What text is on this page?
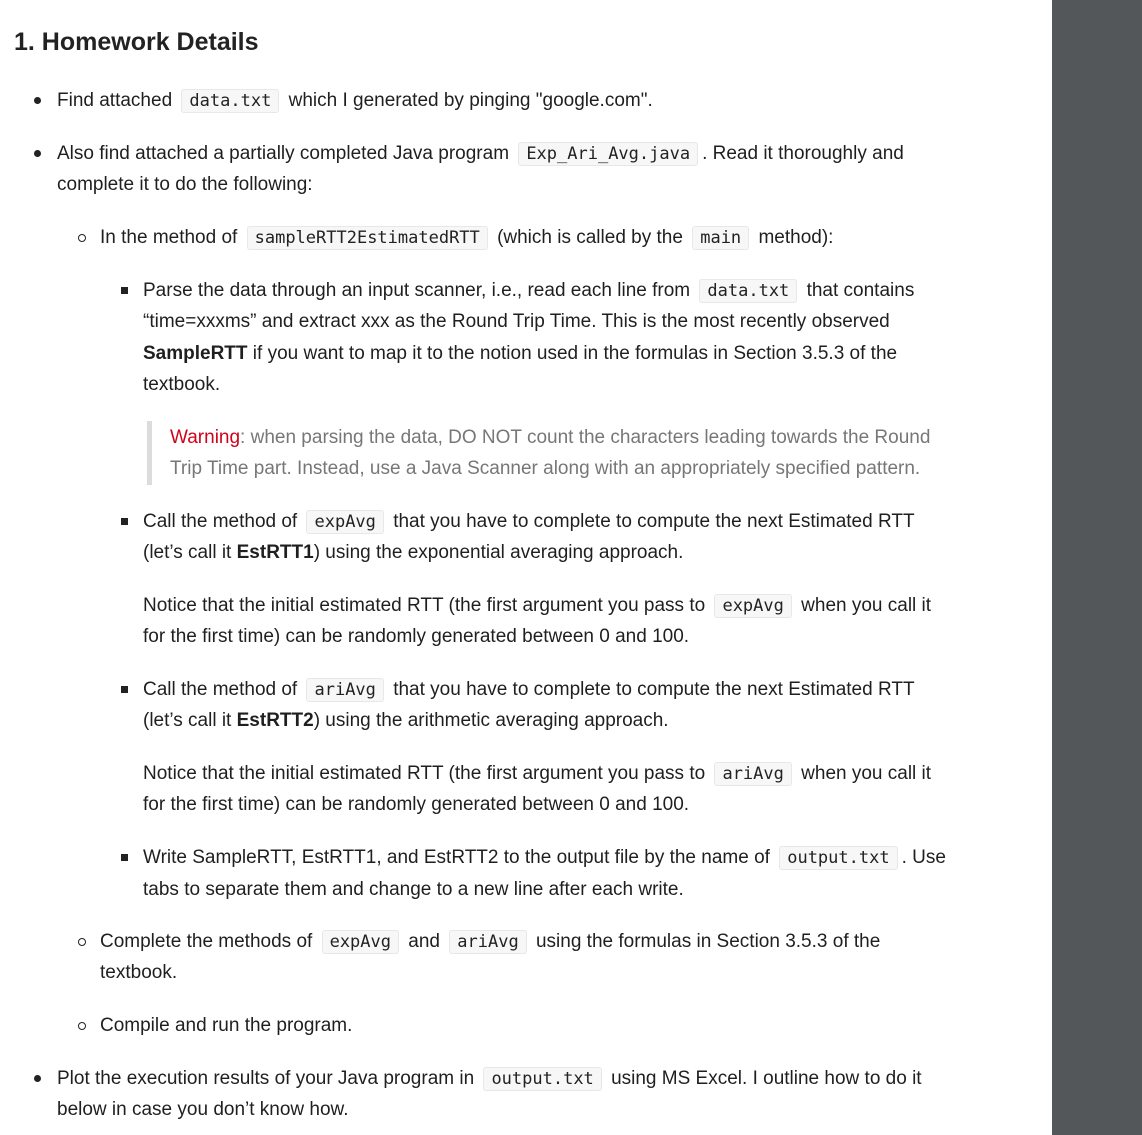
1. Homework Details
Find attached data.txt which I generated by pinging "google.com".
Also find attached a partially completed Java program Exp_Ari_Avg.java . Read it thoroughly and
complete it to do the following:
In the method of sampleRTT2EstimatedRTT (which is called by the main method):
Parse the data through an input scanner, i.e., read each line from data.txt that contains
“time=xxxms” and extract xxx as the Round Trip Time. This is the most recently observed
SampleRTT if you want to map it to the notion used in the formulas in Section 3.5.3 of the
textbook.
Warning: when parsing the data, DO NOT count the characters leading towards the Round
Trip Time part. Instead, use a Java Scanner along with an appropriately specified pattern.
Call the method of expAvg that you have to complete to compute the next Estimated RTT
(let’s call it EstRTT1) using the exponential averaging approach.
Notice that the initial estimated RTT (the first argument you pass to expAvg when you call it
for the first time) can be randomly generated between 0 and 100.
Call the method of ariAvg that you have to complete to compute the next Estimated RTT
(let’s call it EstRTT2) using the arithmetic averaging approach.
Notice that the initial estimated RTT (the first argument you pass to ariAvg when you call it
for the first time) can be randomly generated between 0 and 100.
Write SampleRTT, EstRTT1, and EstRTT2 to the output file by the name of output.txt . Use
tabs to separate them and change to a new line after each write.
Complete the methods of expAvg and ariAvg using the formulas in Section 3.5.3 of the
textbook.
Compile and run the program.
Plot the execution results of your Java program in output.txt using MS Excel. I outline how to do it
below in case you don’t know how.
